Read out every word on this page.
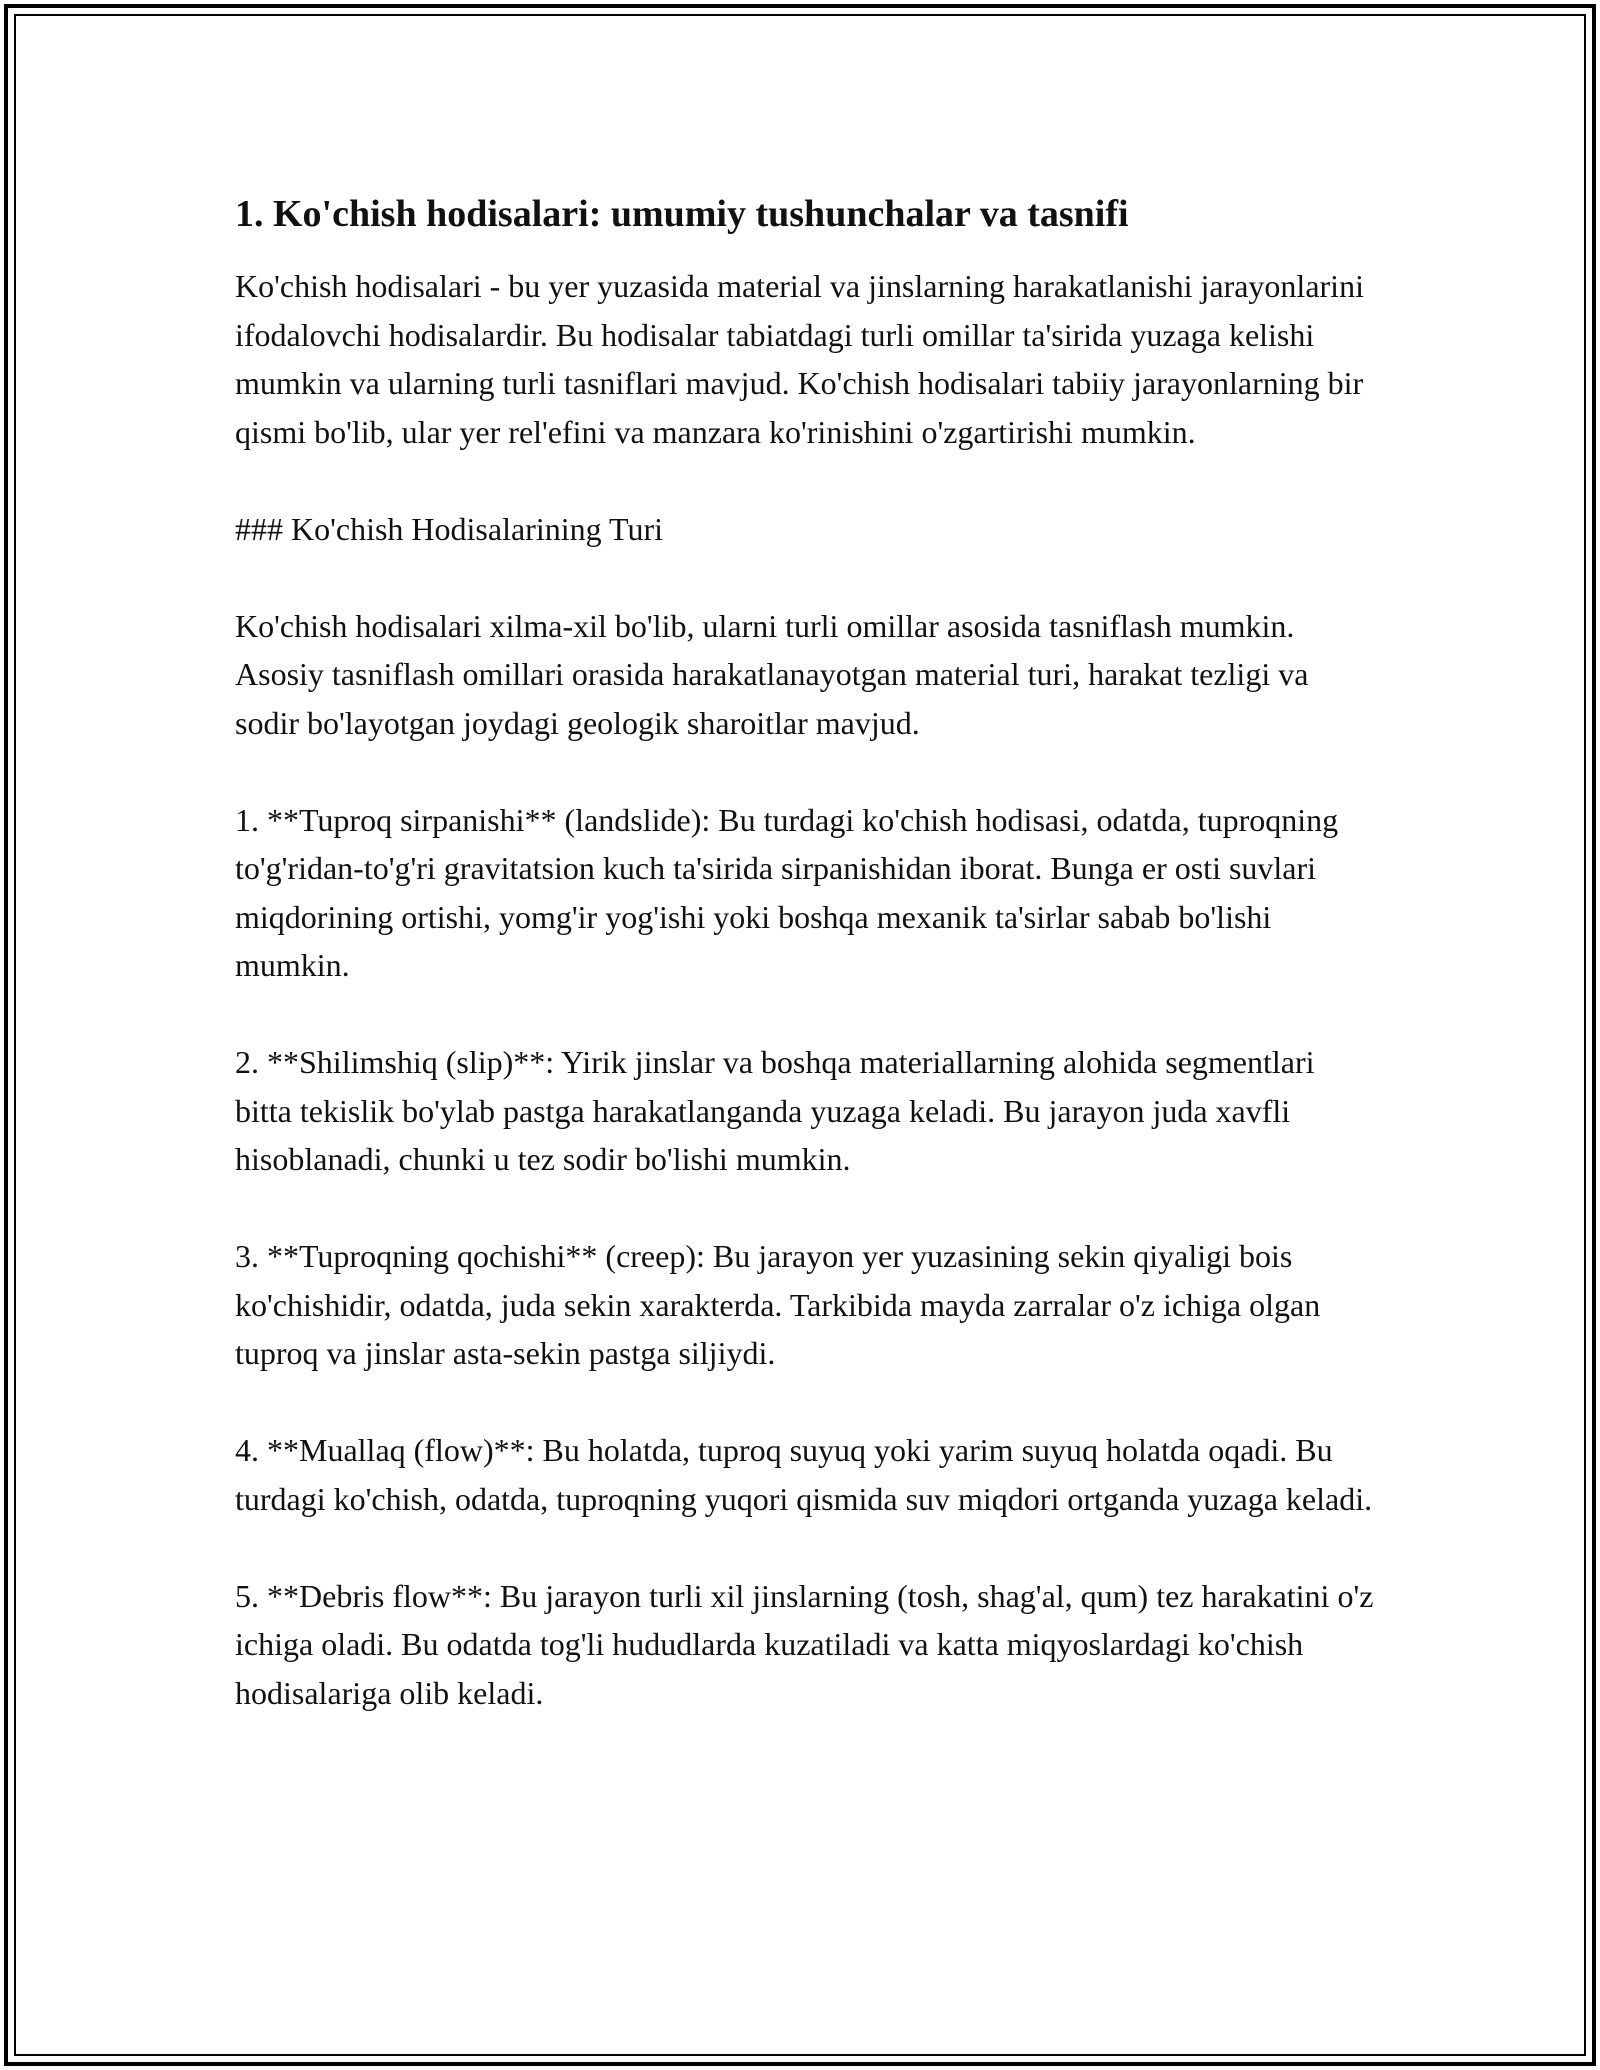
1. Ko'chish hodisalari: umumiy tushunchalar va tasnifi

Ko'chish hodisalari - bu yer yuzasida material va jinslarning harakatlanishi jarayonlarini ifodalovchi hodisalardir. Bu hodisalar tabiatdagi turli omillar ta'sirida yuzaga kelishi mumkin va ularning turli tasniflari mavjud. Ko'chish hodisalari tabiiy jarayonlarning bir qismi bo'lib, ular yer rel'efini va manzara ko'rinishini o'zgartirishi mumkin.

### Ko'chish Hodisalarining Turi

Ko'chish hodisalari xilma-xil bo'lib, ularni turli omillar asosida tasniflash mumkin. Asosiy tasniflash omillari orasida harakatlanayotgan material turi, harakat tezligi va sodir bo'layotgan joydagi geologik sharoitlar mavjud.

1. **Tuproq sirpanishi** (landslide): Bu turdagi ko'chish hodisasi, odatda, tuproqning to'g'ridan-to'g'ri gravitatsion kuch ta'sirida sirpanishidan iborat. Bunga er osti suvlari miqdorining ortishi, yomg'ir yog'ishi yoki boshqa mexanik ta'sirlar sabab bo'lishi mumkin.

2. **Shilimshiq (slip)**: Yirik jinslar va boshqa materiallarning alohida segmentlari bitta tekislik bo'ylab pastga harakatlanganda yuzaga keladi. Bu jarayon juda xavfli hisoblanadi, chunki u tez sodir bo'lishi mumkin.

3. **Tuproqning qochishi** (creep): Bu jarayon yer yuzasining sekin qiyaligi bois ko'chishidir, odatda, juda sekin xarakterda. Tarkibida mayda zarralar o'z ichiga olgan tuproq va jinslar asta-sekin pastga siljiydi.

4. **Muallaq (flow)**: Bu holatda, tuproq suyuq yoki yarim suyuq holatda oqadi. Bu turdagi ko'chish, odatda, tuproqning yuqori qismida suv miqdori ortganda yuzaga keladi.

5. **Debris flow**: Bu jarayon turli xil jinslarning (tosh, shag'al, qum) tez harakatini o'z ichiga oladi. Bu odatda tog'li hududlarda kuzatiladi va katta miqyoslardagi ko'chish hodisalariga olib keladi.
